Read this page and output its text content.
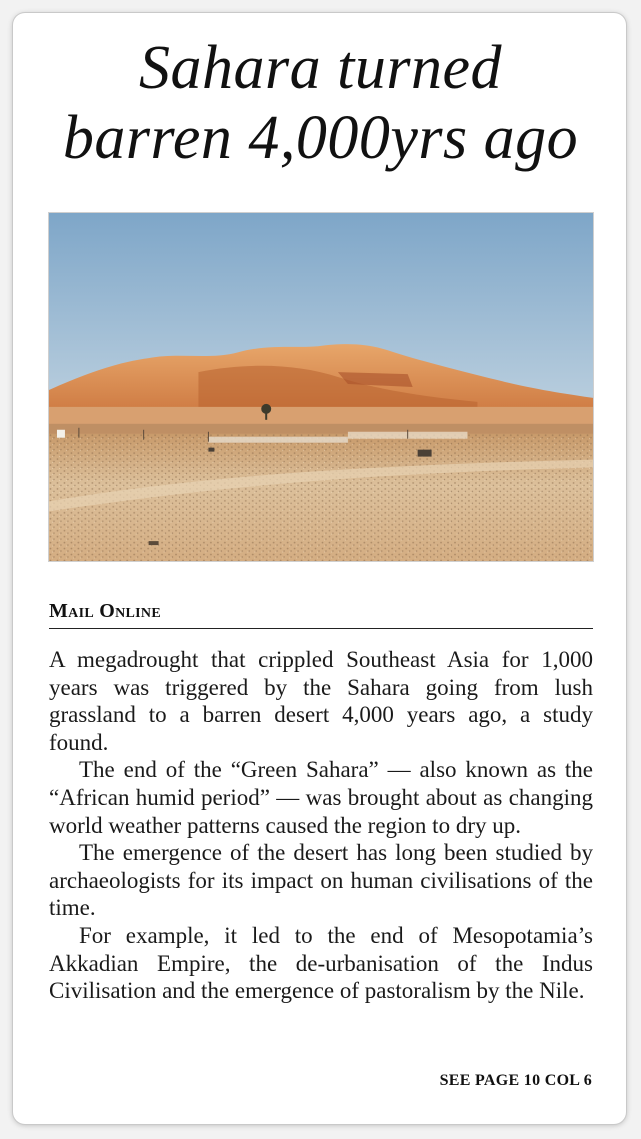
Sahara turned
barren 4,000yrs ago
Mail Online

A megadrought that crippled Southeast Asia for 1,000 years was triggered by the Sahara going from lush grassland to a barren desert 4,000 years ago, a study found.

The end of the “Green Sahara” — also known as the “African humid period” — was brought about as changing world weather patterns caused the region to dry up.

The emergence of the desert has long been studied by archaeologists for its impact on human civilisations of the time.

For example, it led to the end of Mesopotamia’s Akkadian Empire, the de-urbanisation of the Indus Civilisation and the emergence of pastoralism by the Nile.

SEE PAGE 10 COL 6
